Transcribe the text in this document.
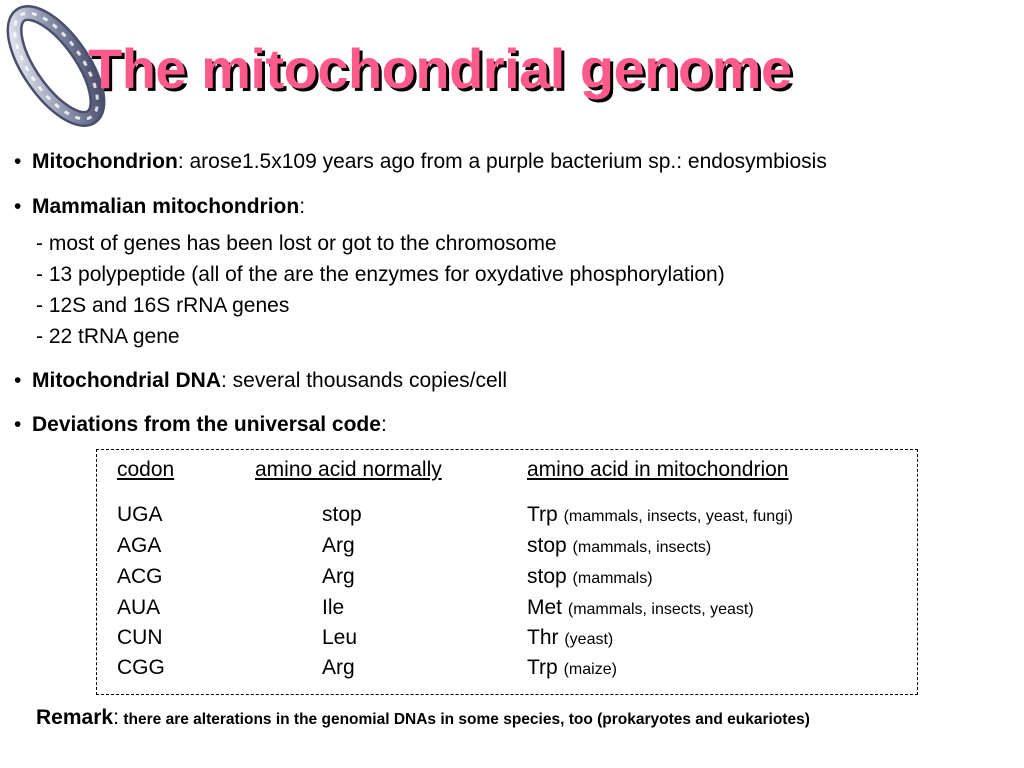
The mitochondrial genome
• Mitochondrion: arose1.5x109 years ago from a purple bacterium sp.: endosymbiosis
• Mammalian mitochondrion:
- most of genes has been lost or got to the chromosome
- 13 polypeptide (all of the are the enzymes for oxydative phosphorylation)
- 12S and 16S rRNA genes
- 22 tRNA gene
• Mitochondrial DNA: several thousands copies/cell
• Deviations from the universal code:
codon	amino acid normally	amino acid in mitochondrion
UGA	stop	Trp (mammals, insects, yeast, fungi)
AGA	Arg	stop (mammals, insects)
ACG	Arg	stop (mammals)
AUA	Ile	Met (mammals, insects, yeast)
CUN	Leu	Thr (yeast)
CGG	Arg	Trp (maize)
Remark: there are alterations in the genomial DNAs in some species, too (prokaryotes and eukariotes)
